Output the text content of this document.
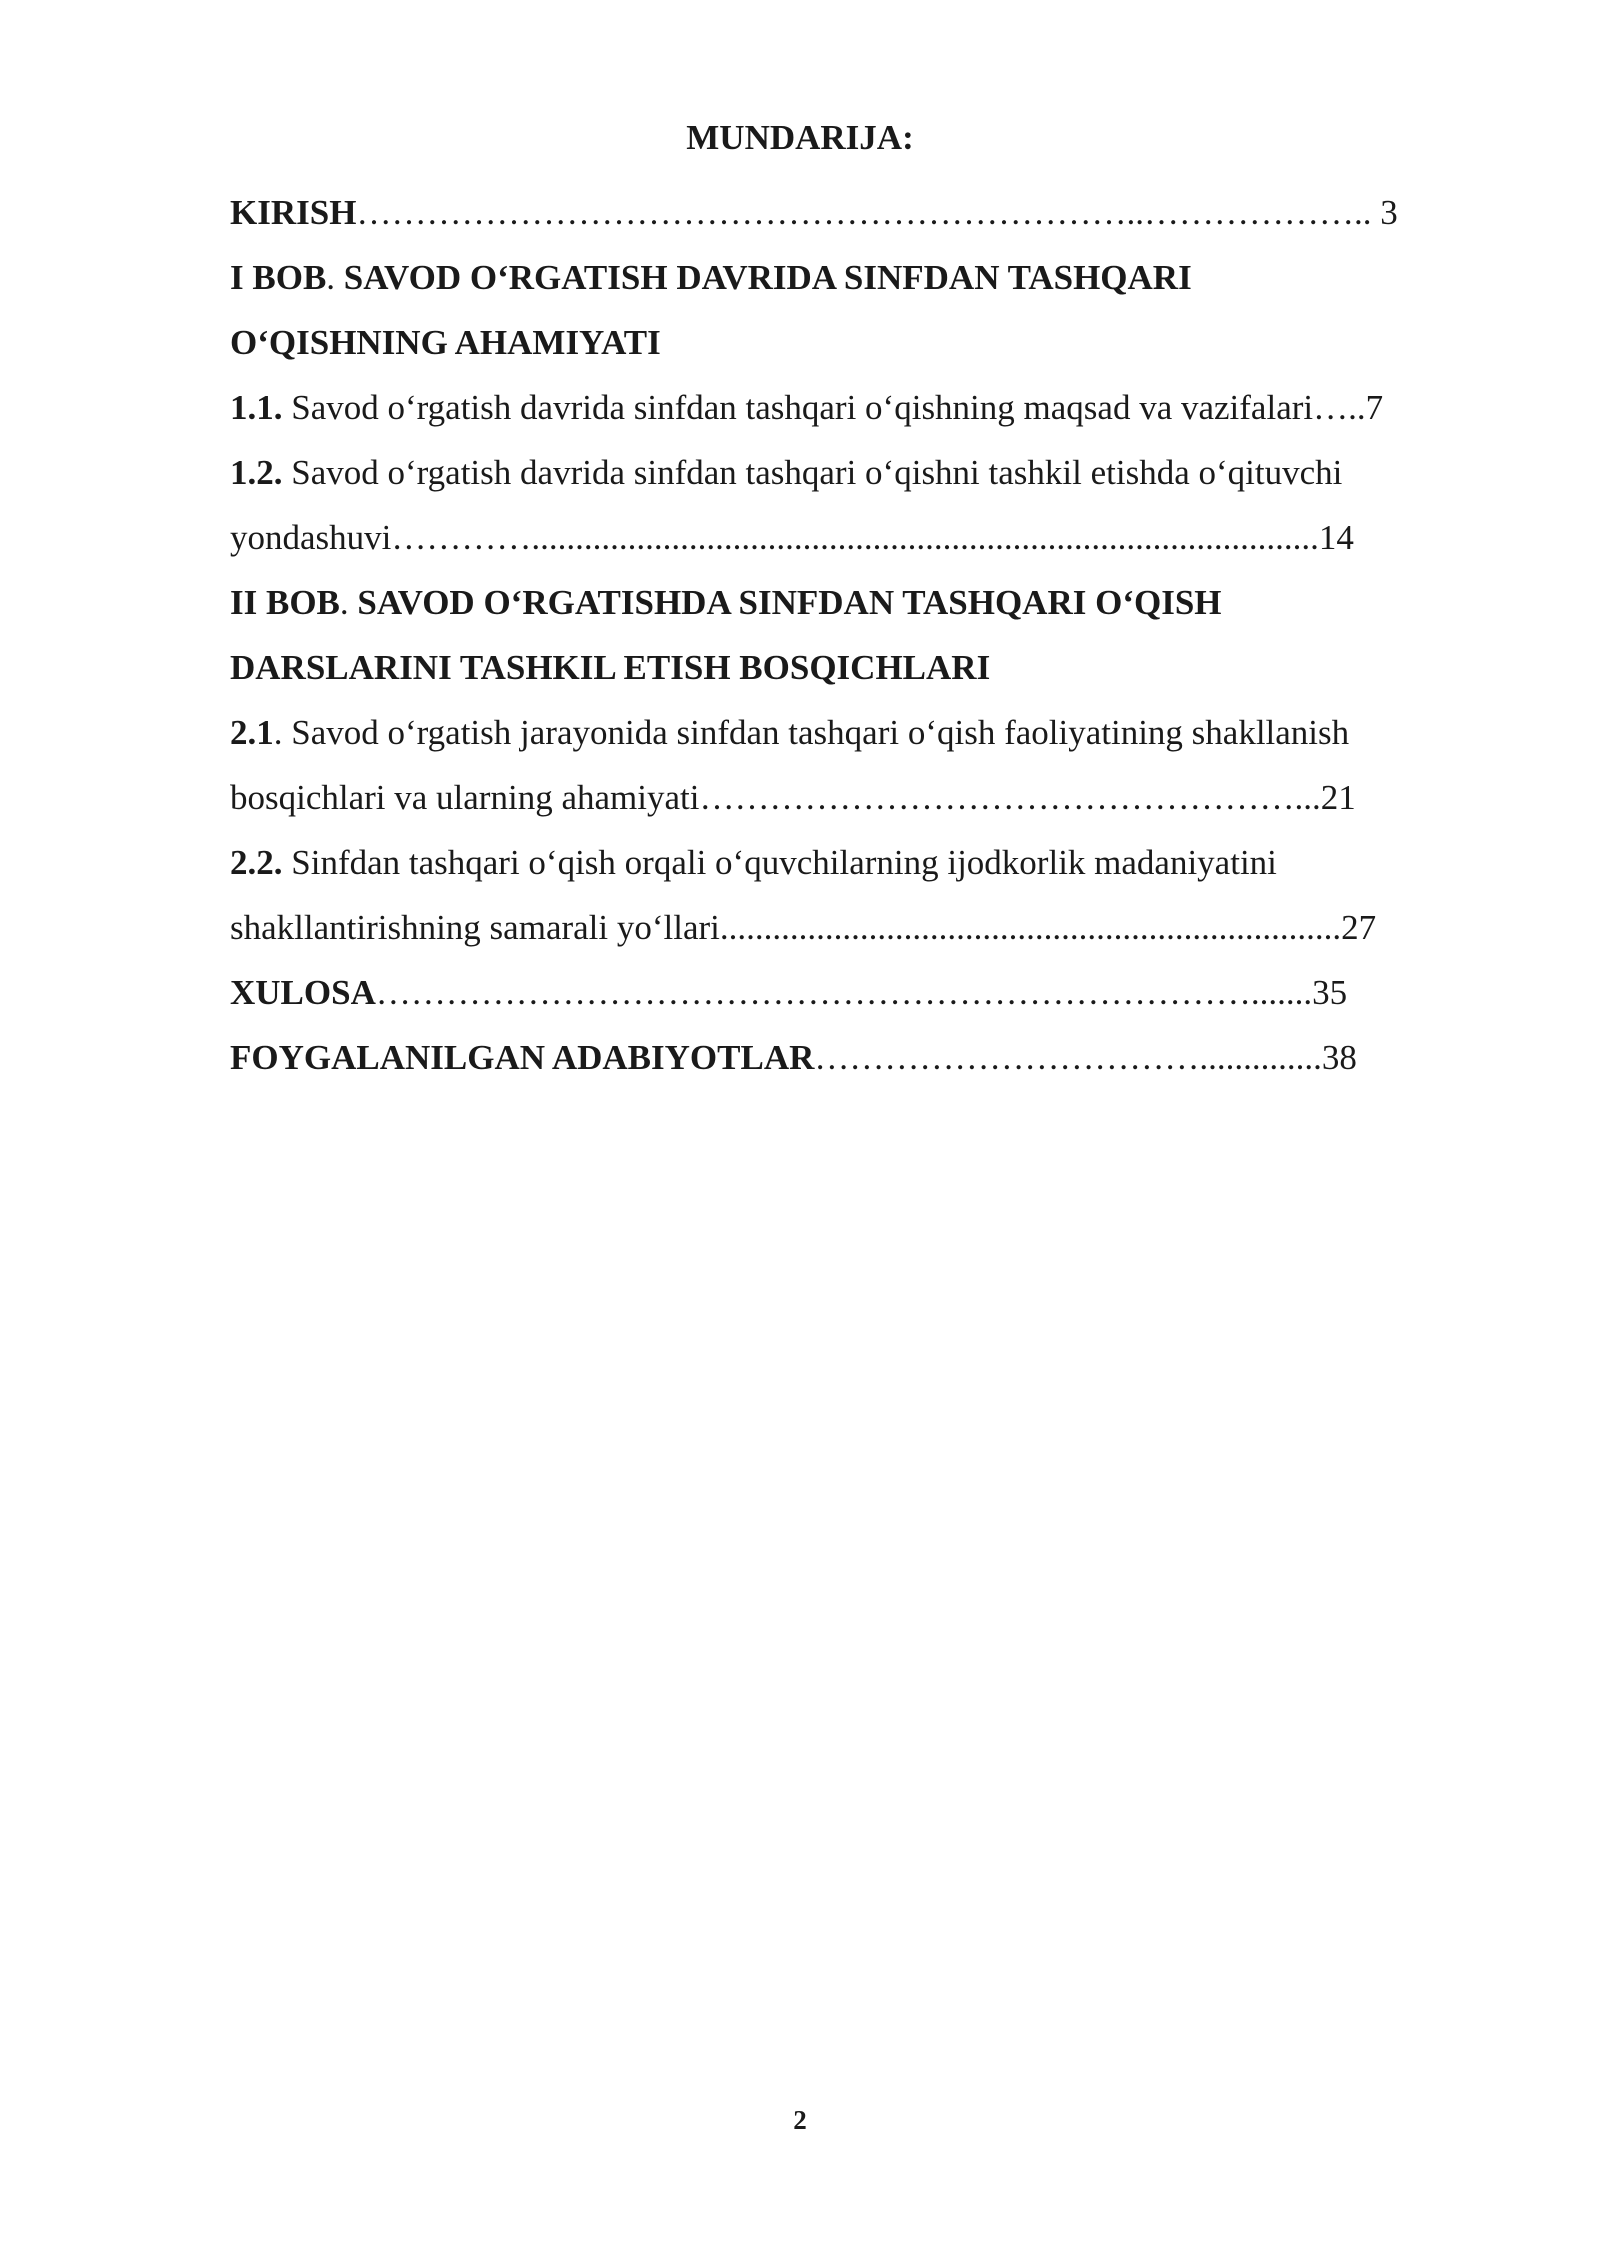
MUNDARIJA:
KIRISH…………………………………………………………..……………….. 3
I BOB. SAVOD O‘RGATISH DAVRIDA SINFDAN TASHQARI
O‘QISHNING AHAMIYATI
1.1. Savod o‘rgatish davrida sinfdan tashqari o‘qishning maqsad va vazifalari…..7
1.2. Savod o‘rgatish davrida sinfdan tashqari o‘qishni tashkil etishda o‘qituvchi
yondashuvi…………..........................................................................................14
II BOB. SAVOD O‘RGATISHDA SINFDAN TASHQARI O‘QISH
DARSLARINI TASHKIL ETISH BOSQICHLARI
2.1. Savod o‘rgatish jarayonida sinfdan tashqari o‘qish faoliyatining shakllanish
bosqichlari va ularning ahamiyati……………………………………………...21
2.2. Sinfdan tashqari o‘qish orqali o‘quvchilarning ijodkorlik madaniyatini
shakllantirishning samarali yo‘llari.......................................................................27
XULOSA………………………………………………………………….......35
FOYGALANILGAN ADABIYOTLAR……………………………..............38
2
